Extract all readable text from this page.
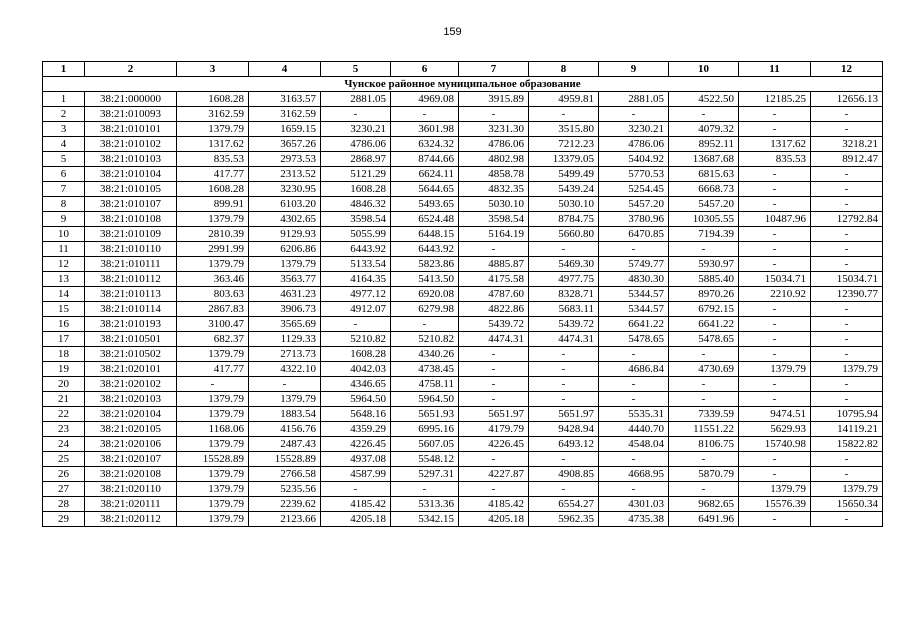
159
1	2	3	4	5	6	7	8	9	10	11	12
Чунское районное муниципальное образование											
1	38:21:000000	1608.28	3163.57	2881.05	4969.08	3915.89	4959.81	2881.05	4522.50	12185.25	12656.13
2	38:21:010093	3162.59	3162.59	-	-	-	-	-	-	-	-
3	38:21:010101	1379.79	1659.15	3230.21	3601.98	3231.30	3515.80	3230.21	4079.32	-	-
4	38:21:010102	1317.62	3657.26	4786.06	6324.32	4786.06	7212.23	4786.06	8952.11	1317.62	3218.21
5	38:21:010103	835.53	2973.53	2868.97	8744.66	4802.98	13379.05	5404.92	13687.68	835.53	8912.47
6	38:21:010104	417.77	2313.52	5121.29	6624.11	4858.78	5499.49	5770.53	6815.63	-	-
7	38:21:010105	1608.28	3230.95	1608.28	5644.65	4832.35	5439.24	5254.45	6668.73	-	-
8	38:21:010107	899.91	6103.20	4846.32	5493.65	5030.10	5030.10	5457.20	5457.20	-	-
9	38:21:010108	1379.79	4302.65	3598.54	6524.48	3598.54	8784.75	3780.96	10305.55	10487.96	12792.84
10	38:21:010109	2810.39	9129.93	5055.99	6448.15	5164.19	5660.80	6470.85	7194.39	-	-
11	38:21:010110	2991.99	6206.86	6443.92	6443.92	-	-	-	-	-	-
12	38:21:010111	1379.79	1379.79	5133.54	5823.86	4885.87	5469.30	5749.77	5930.97	-	-
13	38:21:010112	363.46	3563.77	4164.35	5413.50	4175.58	4977.75	4830.30	5885.40	15034.71	15034.71
14	38:21:010113	803.63	4631.23	4977.12	6920.08	4787.60	8328.71	5344.57	8970.26	2210.92	12390.77
15	38:21:010114	2867.83	3906.73	4912.07	6279.98	4822.86	5683.11	5344.57	6792.15	-	-
16	38:21:010193	3100.47	3565.69	-	-	5439.72	5439.72	6641.22	6641.22	-	-
17	38:21:010501	682.37	1129.33	5210.82	5210.82	4474.31	4474.31	5478.65	5478.65	-	-
18	38:21:010502	1379.79	2713.73	1608.28	4340.26	-	-	-	-	-	-
19	38:21:020101	417.77	4322.10	4042.03	4738.45	-	-	4686.84	4730.69	1379.79	1379.79
20	38:21:020102	-	-	4346.65	4758.11	-	-	-	-	-	-
21	38:21:020103	1379.79	1379.79	5964.50	5964.50	-	-	-	-	-	-
22	38:21:020104	1379.79	1883.54	5648.16	5651.93	5651.97	5651.97	5535.31	7339.59	9474.51	10795.94
23	38:21:020105	1168.06	4156.76	4359.29	6995.16	4179.79	9428.94	4440.70	11551.22	5629.93	14119.21
24	38:21:020106	1379.79	2487.43	4226.45	5607.05	4226.45	6493.12	4548.04	8106.75	15740.98	15822.82
25	38:21:020107	15528.89	15528.89	4937.08	5548.12	-	-	-	-	-	-
26	38:21:020108	1379.79	2766.58	4587.99	5297.31	4227.87	4908.85	4668.95	5870.79	-	-
27	38:21:020110	1379.79	5235.56	-	-	-	-	-	-	1379.79	1379.79
28	38:21:020111	1379.79	2239.62	4185.42	5313.36	4185.42	6554.27	4301.03	9682.65	15576.39	15650.34
29	38:21:020112	1379.79	2123.66	4205.18	5342.15	4205.18	5962.35	4735.38	6491.96	-	-
